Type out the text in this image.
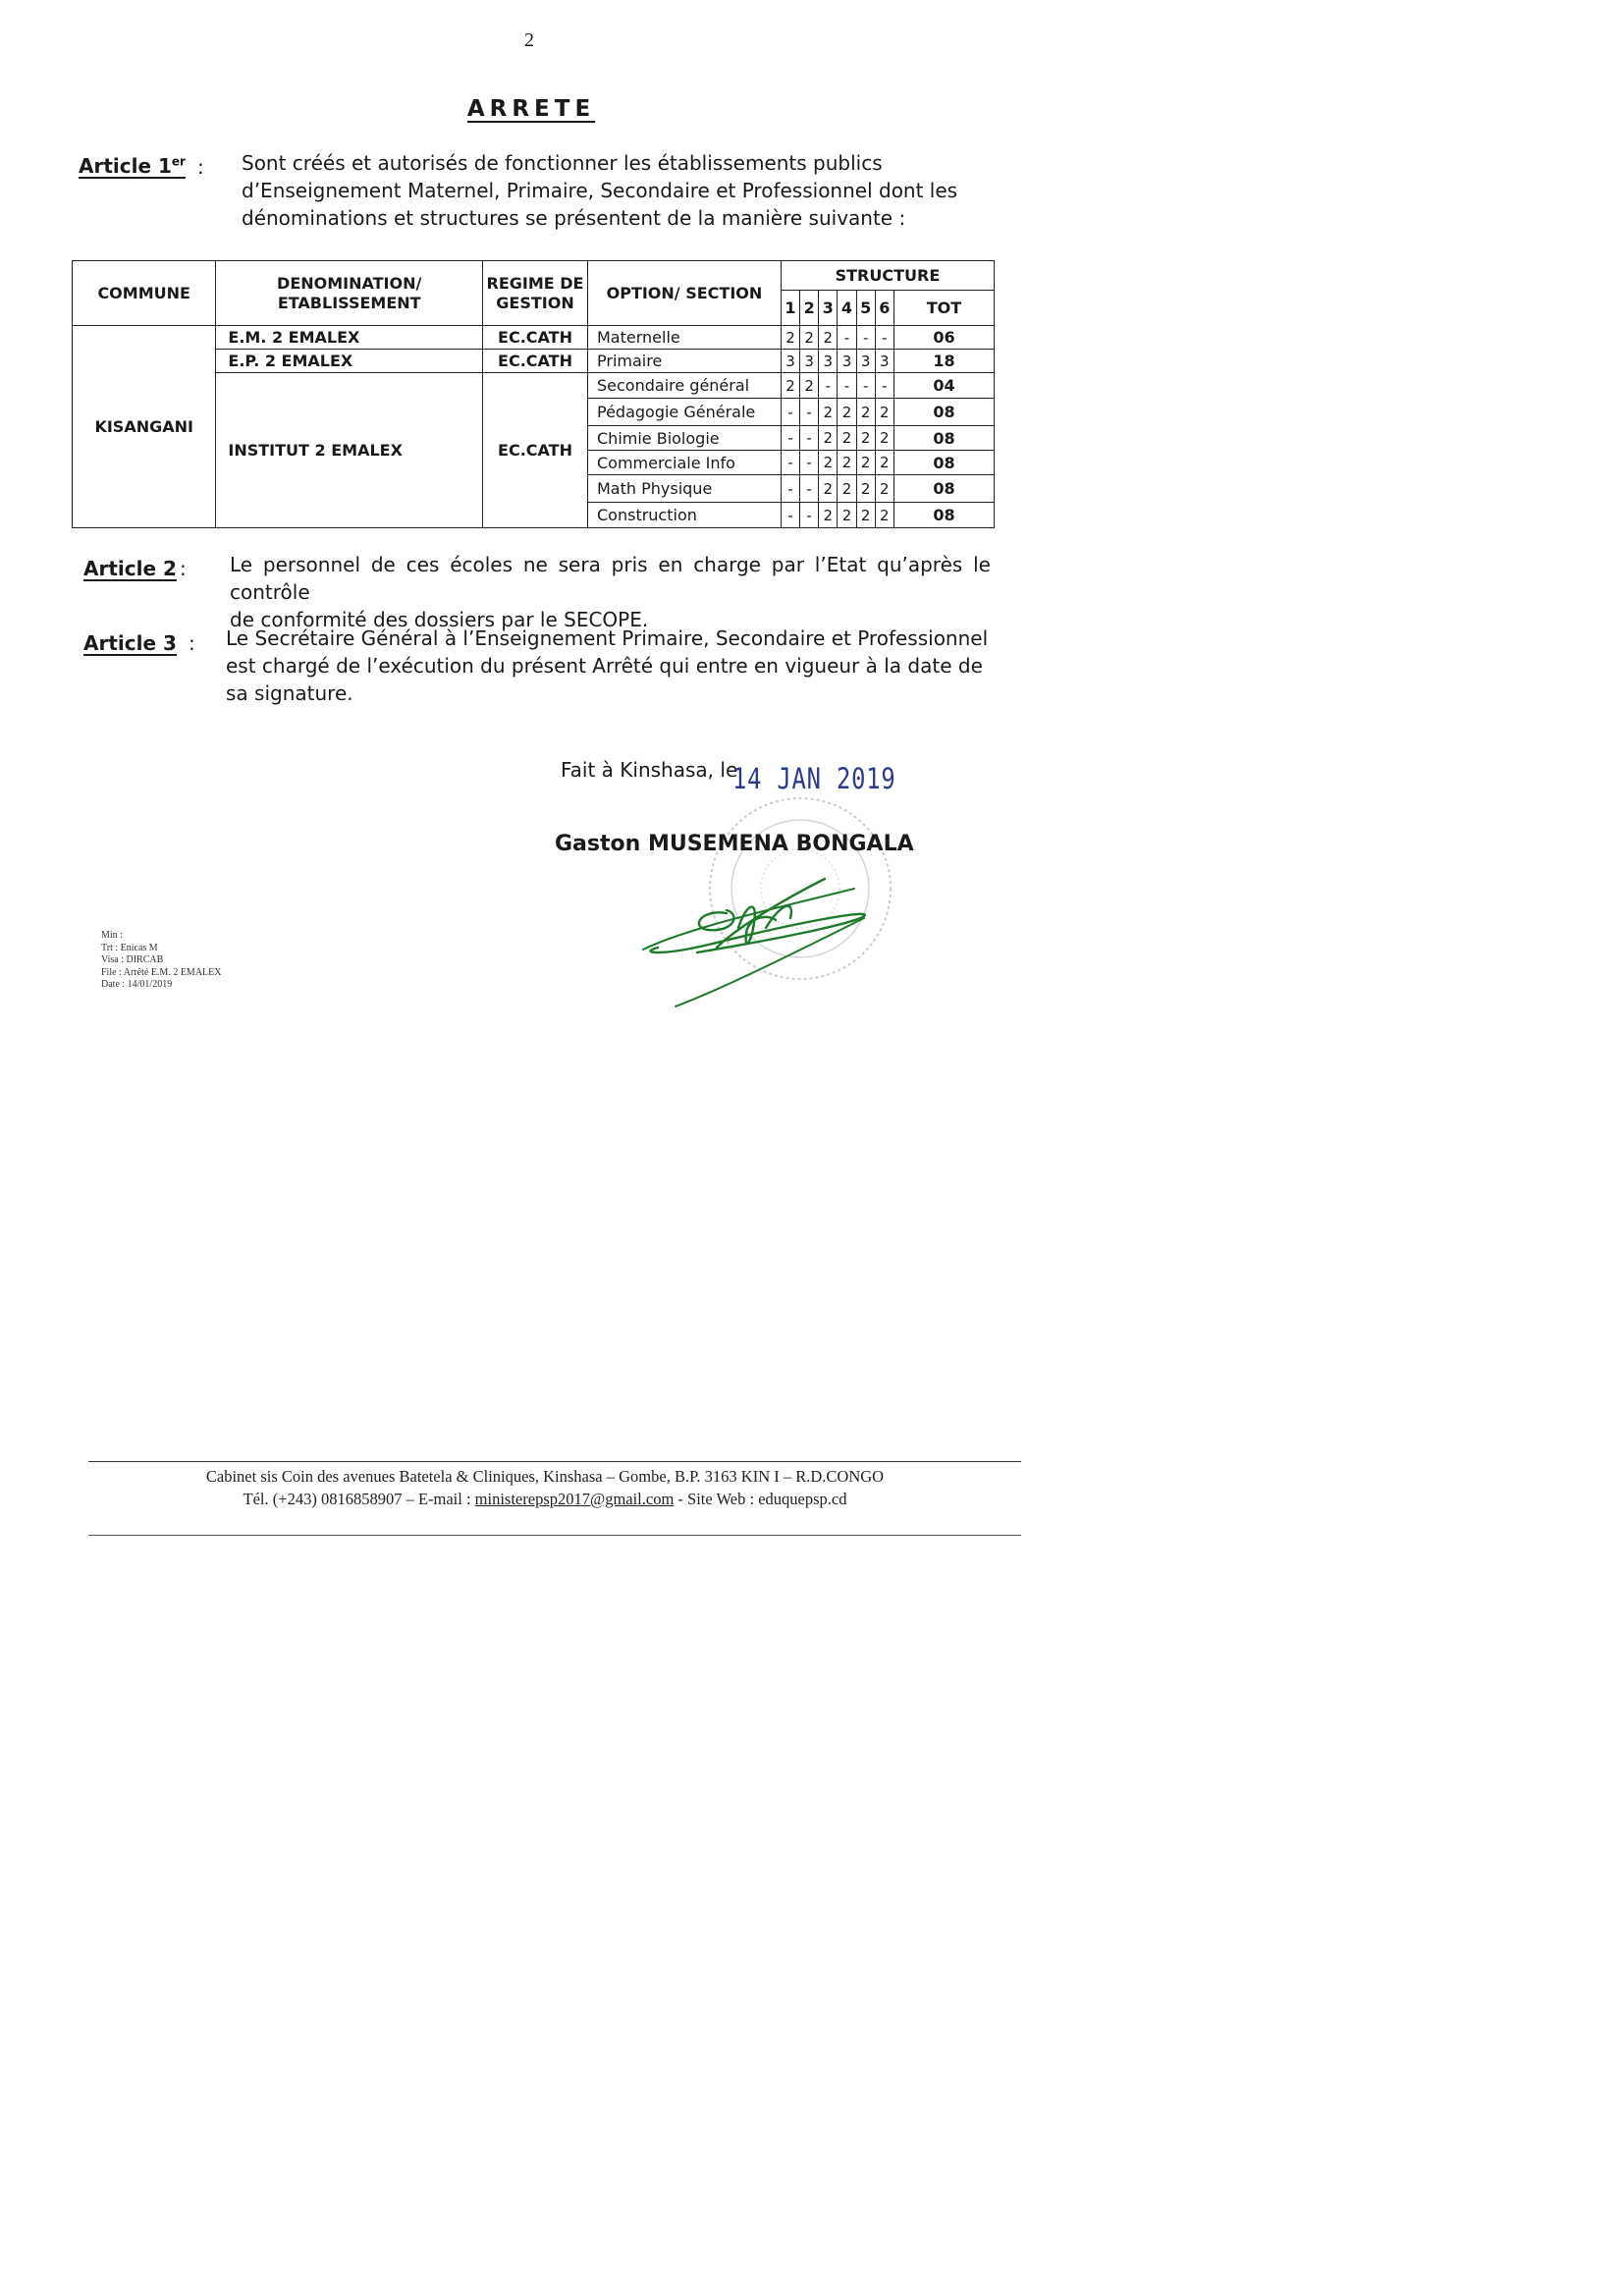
2
ARRETE
Article 1er : Sont créés et autorisés de fonctionner les établissements publics
d’Enseignement Maternel, Primaire, Secondaire et Professionnel dont les
dénominations et structures se présentent de la manière suivante :
COMMUNE	DENOMINATION/ ETABLISSEMENT	REGIME DE GESTION	OPTION/ SECTION	STRUCTURE						
				1	2	3	4	5	6	TOT
KISANGANI	E.M. 2 EMALEX	EC.CATH	Maternelle	2	2	2	-	-	-	06
	E.P. 2 EMALEX	EC.CATH	Primaire	3	3	3	3	3	3	18
	INSTITUT 2 EMALEX	EC.CATH	Secondaire général	2	2	-	-	-	-	04
			Pédagogie Générale	-	-	2	2	2	2	08
			Chimie Biologie	-	-	2	2	2	2	08
			Commerciale Info	-	-	2	2	2	2	08
			Math Physique	-	-	2	2	2	2	08
			Construction	-	-	2	2	2	2	08
Article 2 : Le personnel de ces écoles ne sera pris en charge par l’Etat qu’après le contrôle
de conformité des dossiers par le SECOPE.
Article 3 : Le Secrétaire Général à l’Enseignement Primaire, Secondaire et Professionnel
est chargé de l’exécution du présent Arrêté qui entre en vigueur à la date de
sa signature.
Fait à Kinshasa, le
14 JAN 2019
Gaston MUSEMENA BONGALA
Min :
Trt : Enicas M
Visa : DIRCAB
File : Arrêté E.M. 2 EMALEX
Date : 14/01/2019
Cabinet sis Coin des avenues Batetela & Cliniques, Kinshasa – Gombe, B.P. 3163 KIN I – R.D.CONGO
Tél. (+243) 0816858907 – E-mail : ministerepsp2017@gmail.com - Site Web : eduquepsp.cd
